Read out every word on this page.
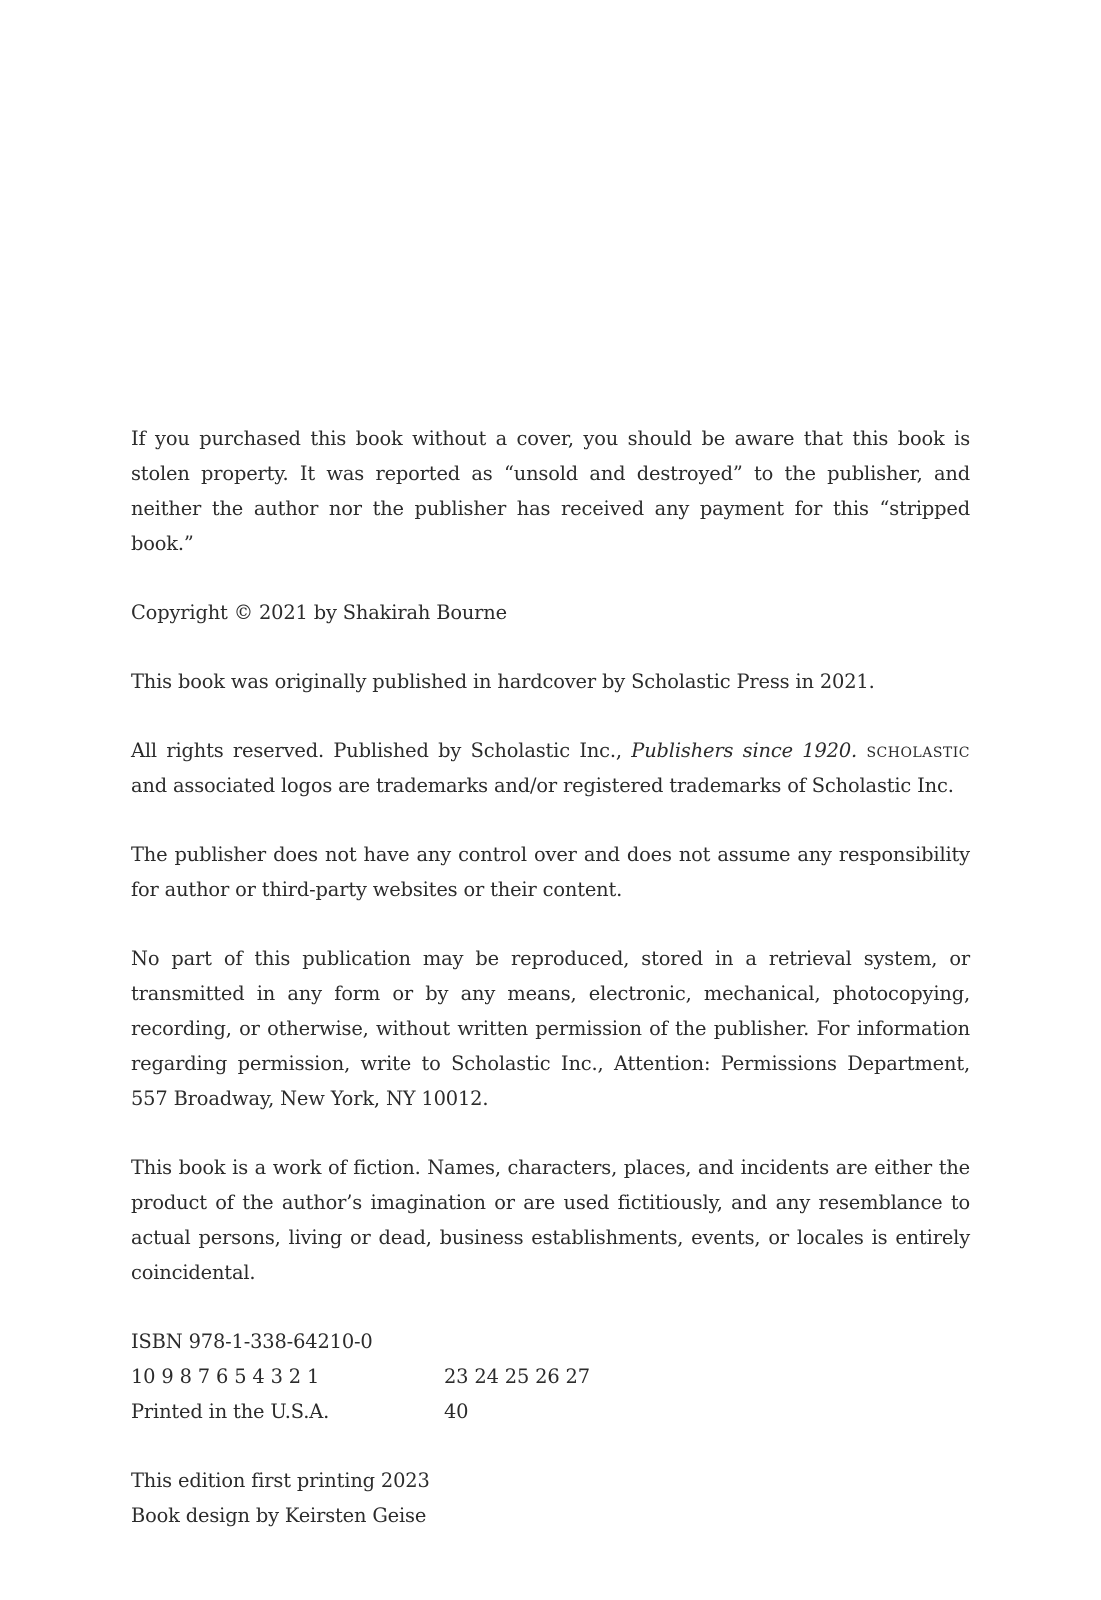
If you purchased this book without a cover, you should be aware that this book is stolen property. It was reported as “unsold and destroyed” to the publisher, and neither the author nor the publisher has received any payment for this “stripped book.”

Copyright © 2021 by Shakirah Bourne

This book was originally published in hardcover by Scholastic Press in 2021.

All rights reserved. Published by Scholastic Inc., Publishers since 1920. scholastic and associated logos are trademarks and/or registered trademarks of Scholastic Inc.

The publisher does not have any control over and does not assume any responsibility for author or third-party websites or their content.

No part of this publication may be reproduced, stored in a retrieval system, or transmitted in any form or by any means, electronic, mechanical, photocopying, recording, or otherwise, without written permission of the publisher. For information regarding permission, write to Scholastic Inc., Attention: Permissions Department, 557 Broadway, New York, NY 10012.

This book is a work of fiction. Names, characters, places, and incidents are either the product of the author’s imagination or are used fictitiously, and any resemblance to actual persons, living or dead, business establishments, events, or locales is entirely coincidental.

ISBN 978-1-338-64210-0
10 9 8 7 6 5 4 3 2 1	23 24 25 26 27
Printed in the U.S.A.	40

This edition first printing 2023

Book design by Keirsten Geise
